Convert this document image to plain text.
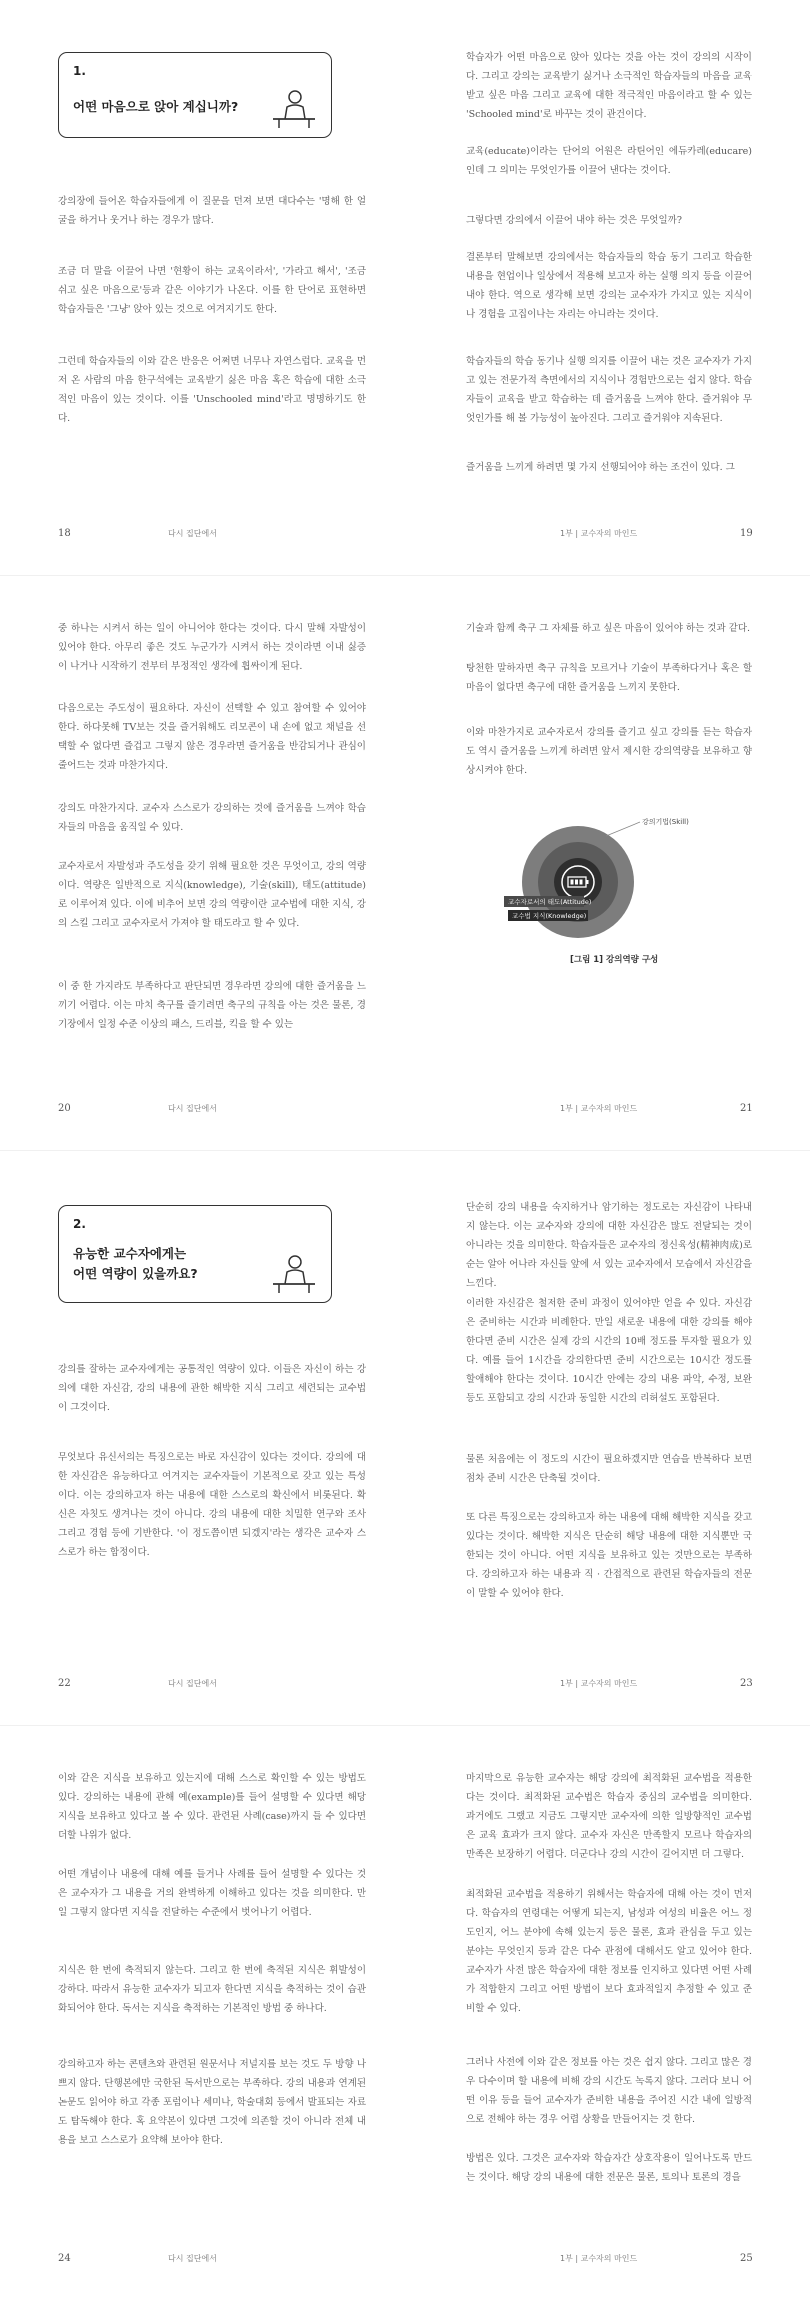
1.
어떤 마음으로 앉아 계십니까?

강의장에 들어온 학습자들에게 이 질문을 던져 보면 대다수는 '명해 한 얼굴을 하거나 웃거나 하는 경우가 많다.

조금 더 말을 이끌어 나면 '현황이 하는 교육이라서', '가라고 해서', '조금 쉬고 싶은 마음으로'등과 같은 이야기가 나온다. 이를 한 단어로 표현하면 학습자들은 '그냥' 앉아 있는 것으로 여겨지기도 한다.

그런데 학습자들의 이와 같은 반응은 어쩌면 너무나 자연스럽다. 교육을 먼저 온 사람의 마음 한구석에는 교육받기 싫은 마음 혹은 학습에 대한 소극적인 마음이 있는 것이다. 이를 'Unschooled mind'라고 명명하기도 한다.

18	다시 집단에서

학습자가 어떤 마음으로 앉아 있다는 것을 아는 것이 강의의 시작이다. 그리고 강의는 교육받기 싫거나 소극적인 학습자들의 마음을 교육받고 싶은 마음 그리고 교육에 대한 적극적인 마음이라고 할 수 있는 'Schooled mind'로 바꾸는 것이 관건이다.

교육(educate)이라는 단어의 어원은 라틴어인 에듀카레(educare)인데 그 의미는 무엇인가를 이끌어 낸다는 것이다.

그렇다면 강의에서 이끌어 내야 하는 것은 무엇일까?

결론부터 말해보면 강의에서는 학습자들의 학습 동기 그리고 학습한 내용을 현업이나 일상에서 적용해 보고자 하는 실행 의지 등을 이끌어 내야 한다. 역으로 생각해 보면 강의는 교수자가 가지고 있는 지식이나 경험을 고집이나는 자리는 아니라는 것이다.

학습자들의 학습 동기나 실행 의지를 이끌어 내는 것은 교수자가 가지고 있는 전문가적 측면에서의 지식이나 경험만으로는 쉽지 않다. 학습자들이 교육을 받고 학습하는 데 즐거움을 느껴야 한다. 즐거워야 무엇인가를 해 볼 가능성이 높아진다. 그리고 즐거워야 지속된다.

즐거움을 느끼게 하려면 몇 가지 선행되어야 하는 조건이 있다. 그

1부 | 교수자의 마인드	19

중 하나는 시켜서 하는 일이 아니어야 한다는 것이다. 다시 말해 자발성이 있어야 한다. 아무리 좋은 것도 누군가가 시켜서 하는 것이라면 이내 싫증이 나거나 시작하기 전부터 부정적인 생각에 휩싸이게 된다.

다음으로는 주도성이 필요하다. 자신이 선택할 수 있고 참여할 수 있어야 한다. 하다못해 TV보는 것을 즐거워해도 리모콘이 내 손에 없고 채널을 선택할 수 없다면 즐겁고 그렇지 않은 경우라면 즐거움을 반감되거나 관심이 줄어드는 것과 마찬가지다.

강의도 마찬가지다. 교수자 스스로가 강의하는 것에 즐거움을 느껴야 학습자들의 마음을 움직일 수 있다.

교수자로서 자발성과 주도성을 갖기 위해 필요한 것은 무엇이고, 강의 역량이다. 역량은 일반적으로 지식(knowledge), 기술(skill), 태도(attitude)로 이루어져 있다. 이에 비추어 보면 강의 역량이란 교수법에 대한 지식, 강의 스킬 그리고 교수자로서 가져야 할 태도라고 할 수 있다.

이 중 한 가지라도 부족하다고 판단되면 경우라면 강의에 대한 즐거움을 느끼기 어렵다. 이는 마치 축구를 즐기려면 축구의 규칙을 아는 것은 물론, 경기장에서 일정 수준 이상의 패스, 드리블, 킥을 할 수 있는

20	다시 집단에서

기술과 함께 축구 그 자체를 하고 싶은 마음이 있어야 하는 것과 같다.

탕천한 말하자면 축구 규칙을 모르거나 기술이 부족하다거나 혹은 할 마음이 없다면 축구에 대한 즐거움을 느끼지 못한다.

이와 마찬가지로 교수자로서 강의를 즐기고 싶고 강의를 듣는 학습자도 역시 즐거움을 느끼게 하려면 앞서 제시한 강의역량을 보유하고 향상시켜야 한다.

강의기법(Skill)
교수자로서의 태도(Attitude)
교수법 지식(Knowledge)
[그림 1] 강의역량 구성
1부 | 교수자의 마인드	21
2.
유능한 교수자에게는
어떤 역량이 있을까요?

강의를 잘하는 교수자에게는 공통적인 역량이 있다. 이들은 자신이 하는 강의에 대한 자신감, 강의 내용에 관한 해박한 지식 그리고 세련되는 교수법이 그것이다.

무엇보다 유신서의는 특징으로는 바로 자신감이 있다는 것이다. 강의에 대한 자신감은 유능하다고 여겨지는 교수자들이 기본적으로 갖고 있는 특성이다. 이는 강의하고자 하는 내용에 대한 스스로의 확신에서 비롯된다. 확신은 자칫도 생겨나는 것이 아니다. 강의 내용에 대한 치밀한 연구와 조사 그리고 경험 등에 기반한다. '이 정도쯤이면 되겠지'라는 생각은 교수자 스스로가 하는 합정이다.

22	다시 집단에서

단순히 강의 내용을 숙지하거나 암기하는 정도로는 자신감이 나타내지 않는다. 이는 교수자와 강의에 대한 자신감은 많도 전달되는 것이 아니라는 것을 의미한다. 학습자들은 교수자의 정신육성(精神肉成)로 순는 알아 어나라 자신들 앞에 서 있는 교수자에서 모습에서 자신감을 느낀다.

이러한 자신감은 철저한 준비 과정이 있어야만 얻을 수 있다. 자신감은 준비하는 시간과 비례한다. 만일 새로운 내용에 대한 강의를 해야 한다면 준비 시간은 실제 강의 시간의 10배 정도를 투자할 필요가 있다. 예를 들어 1시간을 강의한다면 준비 시간으로는 10시간 정도를 할애해야 한다는 것이다. 10시간 안에는 강의 내용 파악, 수정, 보완 등도 포함되고 강의 시간과 동일한 시간의 리허설도 포함된다.

물론 처음에는 이 정도의 시간이 필요하겠지만 연습을 반복하다 보면 점차 준비 시간은 단축될 것이다.

또 다른 특징으로는 강의하고자 하는 내용에 대해 해박한 지식을 갖고 있다는 것이다. 해박한 지식은 단순히 해당 내용에 대한 지식뿐만 국한되는 것이 아니다. 어떤 지식을 보유하고 있는 것만으로는 부족하다. 강의하고자 하는 내용과 직 · 간접적으로 관련된 학습자들의 전문이 말할 수 있어야 한다.

1부 | 교수자의 마인드	23

이와 같은 지식을 보유하고 있는지에 대해 스스로 확인할 수 있는 방법도 있다. 강의하는 내용에 관해 예(example)를 들어 설명할 수 있다면 해당 지식을 보유하고 있다고 볼 수 있다. 관련된 사례(case)까지 들 수 있다면 더할 나위가 없다.

어떤 개념이나 내용에 대해 예를 들거나 사례를 들어 설명할 수 있다는 것은 교수자가 그 내용을 거의 완벽하게 이해하고 있다는 것을 의미한다. 만일 그렇지 않다면 지식을 전달하는 수준에서 벗어나기 어렵다.

지식은 한 번에 축적되지 않는다. 그리고 한 번에 축적된 지식은 휘발성이 강하다. 따라서 유능한 교수자가 되고자 한다면 지식을 축적하는 것이 습관화되어야 한다. 독서는 지식을 축적하는 기본적인 방법 중 하나다.

강의하고자 하는 콘텐츠와 관련된 원문서나 저널지를 보는 것도 두 방향 나쁘지 않다. 단행본에만 국한된 독서만으로는 부족하다. 강의 내용과 연계된 논문도 읽어야 하고 각종 포럼이나 세미나, 학술대회 등에서 발표되는 자료도 탐독해야 한다. 혹 요약본이 있다면 그것에 의존할 것이 아니라 전체 내용을 보고 스스로가 요약해 보아야 한다.

24	다시 집단에서

마지막으로 유능한 교수자는 해당 강의에 최적화된 교수법을 적용한다는 것이다. 최적화된 교수법은 학습자 중심의 교수법을 의미한다. 과거에도 그랬고 지금도 그렇지만 교수자에 의한 일방향적인 교수법은 교육 효과가 크지 않다. 교수자 자신은 만족할지 모르나 학습자의 만족은 보장하기 어렵다. 더군다나 강의 시간이 길어지면 더 그렇다.

최적화된 교수법을 적용하기 위해서는 학습자에 대해 아는 것이 먼저다. 학습자의 연령대는 어떻게 되는지, 남성과 여성의 비율은 어느 정도인지, 어느 분야에 속해 있는지 등은 물론, 효과 관심을 두고 있는 분야는 무엇인지 등과 같은 다수 관점에 대해서도 알고 있어야 한다. 교수자가 사전 많은 학습자에 대한 정보를 인지하고 있다면 어떤 사례가 적합한지 그리고 어떤 방법이 보다 효과적일지 추정할 수 있고 준비할 수 있다.

그러나 사전에 이와 같은 정보를 아는 것은 쉽지 않다. 그리고 많은 경우 다수이며 할 내용에 비해 강의 시간도 녹록지 않다. 그러다 보니 어떤 이유 등을 들어 교수자가 준비한 내용을 주어진 시간 내에 일방적으로 전해야 하는 경우 어렵 상황을 만들어지는 것 한다.

방법은 있다. 그것은 교수자와 학습자간 상호작용이 일어나도록 만드는 것이다. 해당 강의 내용에 대한 전문은 물론, 토의나 토론의 경을

1부 | 교수자의 마인드	25
